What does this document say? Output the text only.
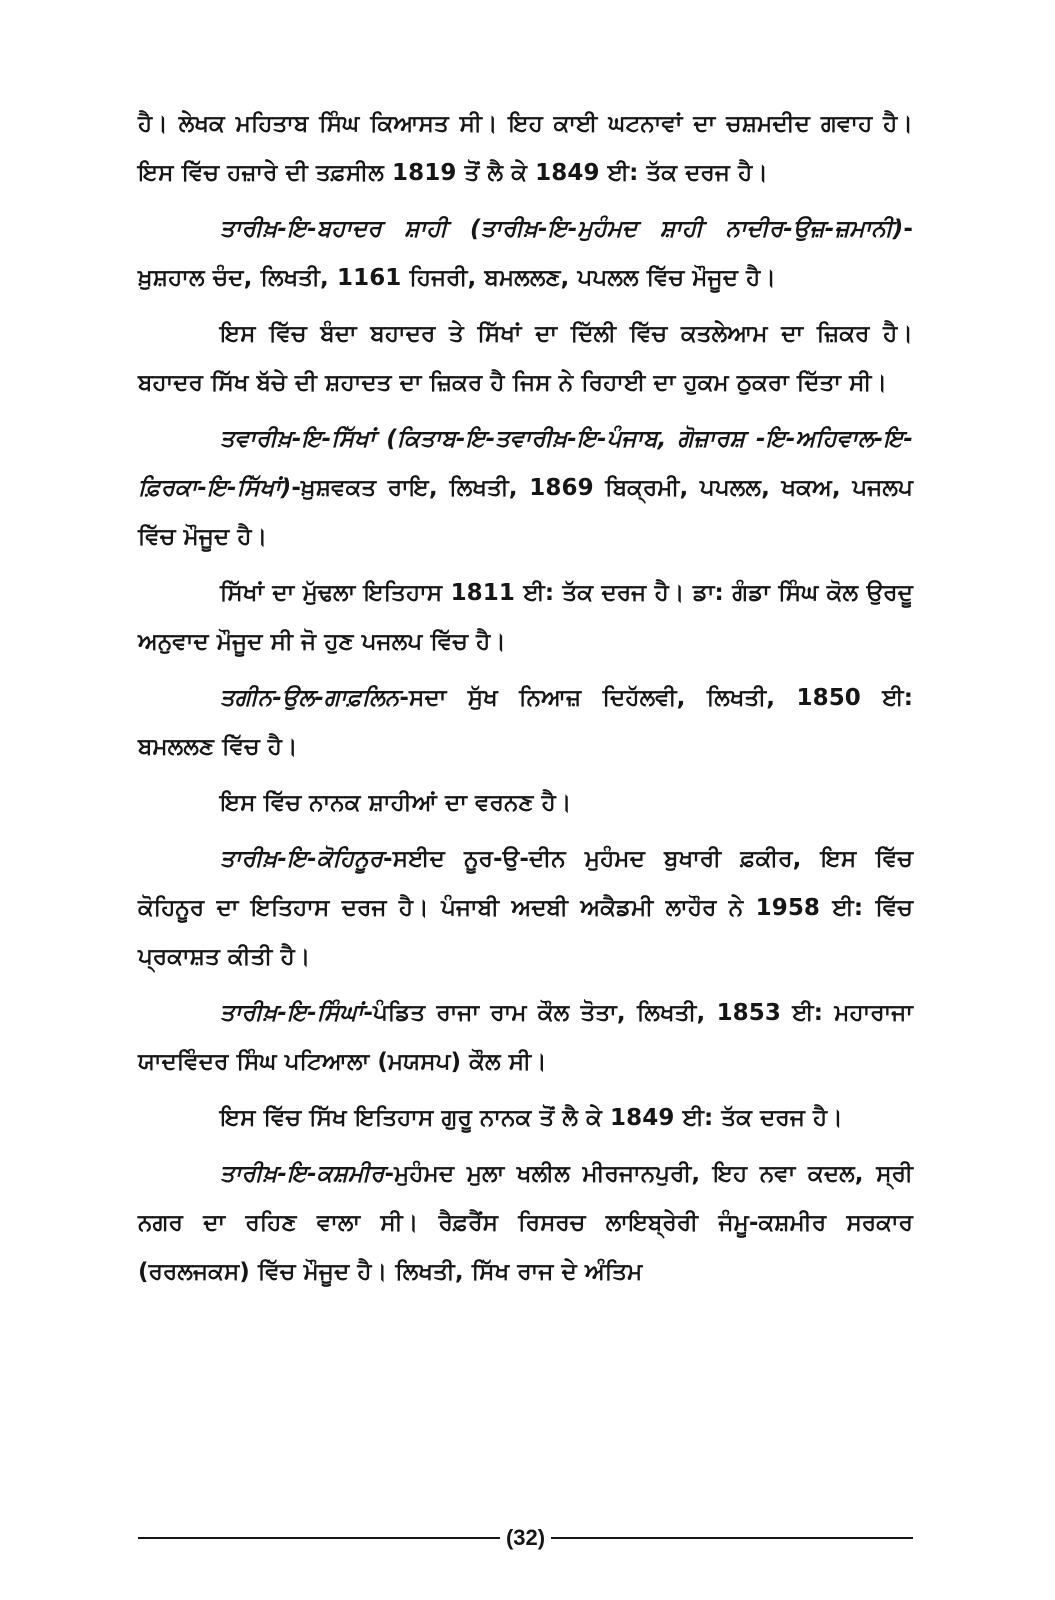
ਹੈ। ਲੇਖਕ ਮਹਿਤਾਬ ਸਿੰਘ ਕਿਆਸਤ ਸੀ। ਇਹ ਕਾਈ ਘਟਨਾਵਾਂ ਦਾ ਚਸ਼ਮਦੀਦ ਗਵਾਹ ਹੈ। ਇਸ ਵਿੱਚ ਹਜ਼ਾਰੇ ਦੀ ਤਫ਼ਸੀਲ 1819 ਤੋਂ ਲੈ ਕੇ 1849 ਈ: ਤੱਕ ਦਰਜ ਹੈ।

ਤਾਰੀਖ਼-ਇ-ਬਹਾਦਰ ਸ਼ਾਹੀ (ਤਾਰੀਖ਼-ਇ-ਮੁਹੰਮਦ ਸ਼ਾਹੀ ਨਾਦੀਰ-ਉਜ਼-ਜ਼ਮਾਨੀ)-ਖ਼ੁਸ਼ਹਾਲ ਚੰਦ, ਲਿਖਤੀ, 1161 ਹਿਜਰੀ, ਬਮਲਲਣ, ਪਪਲਲ ਵਿੱਚ ਮੌਜੂਦ ਹੈ।

ਇਸ ਵਿੱਚ ਬੰਦਾ ਬਹਾਦਰ ਤੇ ਸਿੱਖਾਂ ਦਾ ਦਿੱਲੀ ਵਿੱਚ ਕਤਲੇਆਮ ਦਾ ਜ਼ਿਕਰ ਹੈ। ਬਹਾਦਰ ਸਿੱਖ ਬੱਚੇ ਦੀ ਸ਼ਹਾਦਤ ਦਾ ਜ਼ਿਕਰ ਹੈ ਜਿਸ ਨੇ ਰਿਹਾਈ ਦਾ ਹੁਕਮ ਠੁਕਰਾ ਦਿੱਤਾ ਸੀ।

ਤਵਾਰੀਖ਼-ਇ-ਸਿੱਖਾਂ (ਕਿਤਾਬ-ਇ-ਤਵਾਰੀਖ਼-ਇ-ਪੰਜਾਬ, ਗੋਜ਼ਾਰਸ਼ -ਇ-ਅਹਿਵਾਲ-ਇ-ਫ਼ਿਰਕਾ-ਇ-ਸਿੱਖਾਂ)-ਖ਼ੁਸ਼ਵਕਤ ਰਾਇ, ਲਿਖਤੀ, 1869 ਬਿਕ੍ਰਮੀ, ਪਪਲਲ, ਖਕਅ, ਪਜਲਪ ਵਿੱਚ ਮੌਜੂਦ ਹੈ।

ਸਿੱਖਾਂ ਦਾ ਮੁੱਢਲਾ ਇਤਿਹਾਸ 1811 ਈ: ਤੱਕ ਦਰਜ ਹੈ। ਡਾ: ਗੰਡਾ ਸਿੰਘ ਕੋਲ ਉਰਦੂ ਅਨੁਵਾਦ ਮੌਜੂਦ ਸੀ ਜੋ ਹੁਣ ਪਜਲਪ ਵਿੱਚ ਹੈ।

ਤਗੀਨ-ਉਲ-ਗਾਫ਼ਲਿਨ-ਸਦਾ ਸੁੱਖ ਨਿਆਜ਼ ਦਿਹੱਲਵੀ, ਲਿਖਤੀ, 1850 ਈ: ਬਮਲਲਣ ਵਿੱਚ ਹੈ।

ਇਸ ਵਿੱਚ ਨਾਨਕ ਸ਼ਾਹੀਆਂ ਦਾ ਵਰਨਣ ਹੈ।

ਤਾਰੀਖ਼-ਇ-ਕੋਹਿਨੂਰ-ਸਈਦ ਨੂਰ-ਉ-ਦੀਨ ਮੁਹੰਮਦ ਬੁਖਾਰੀ ਫ਼ਕੀਰ, ਇਸ ਵਿੱਚ ਕੋਹਿਨੂਰ ਦਾ ਇਤਿਹਾਸ ਦਰਜ ਹੈ। ਪੰਜਾਬੀ ਅਦਬੀ ਅਕੈਡਮੀ ਲਾਹੌਰ ਨੇ 1958 ਈ: ਵਿੱਚ ਪ੍ਰਕਾਸ਼ਤ ਕੀਤੀ ਹੈ।

ਤਾਰੀਖ਼-ਇ-ਸਿੰਘਾਂ-ਪੰਡਿਤ ਰਾਜਾ ਰਾਮ ਕੌਲ ਤੋਤਾ, ਲਿਖਤੀ, 1853 ਈ: ਮਹਾਰਾਜਾ ਯਾਦਵਿੰਦਰ ਸਿੰਘ ਪਟਿਆਲਾ (ਮਯਸਪ) ਕੌਲ ਸੀ।

ਇਸ ਵਿੱਚ ਸਿੱਖ ਇਤਿਹਾਸ ਗੁਰੂ ਨਾਨਕ ਤੋਂ ਲੈ ਕੇ 1849 ਈ: ਤੱਕ ਦਰਜ ਹੈ।

ਤਾਰੀਖ਼-ਇ-ਕਸ਼ਮੀਰ-ਮੁਹੰਮਦ ਮੁਲਾ ਖਲੀਲ ਮੀਰਜਾਨਪੁਰੀ, ਇਹ ਨਵਾ ਕਦਲ, ਸ੍ਰੀ ਨਗਰ ਦਾ ਰਹਿਣ ਵਾਲਾ ਸੀ। ਰੈਫ਼ਰੈਂਸ ਰਿਸਰਚ ਲਾਇਬ੍ਰੇਰੀ ਜੰਮੂ-ਕਸ਼ਮੀਰ ਸਰਕਾਰ (ਰਰਲਜਕਸ) ਵਿੱਚ ਮੌਜੂਦ ਹੈ। ਲਿਖਤੀ, ਸਿੱਖ ਰਾਜ ਦੇ ਅੰਤਿਮ

(32)
